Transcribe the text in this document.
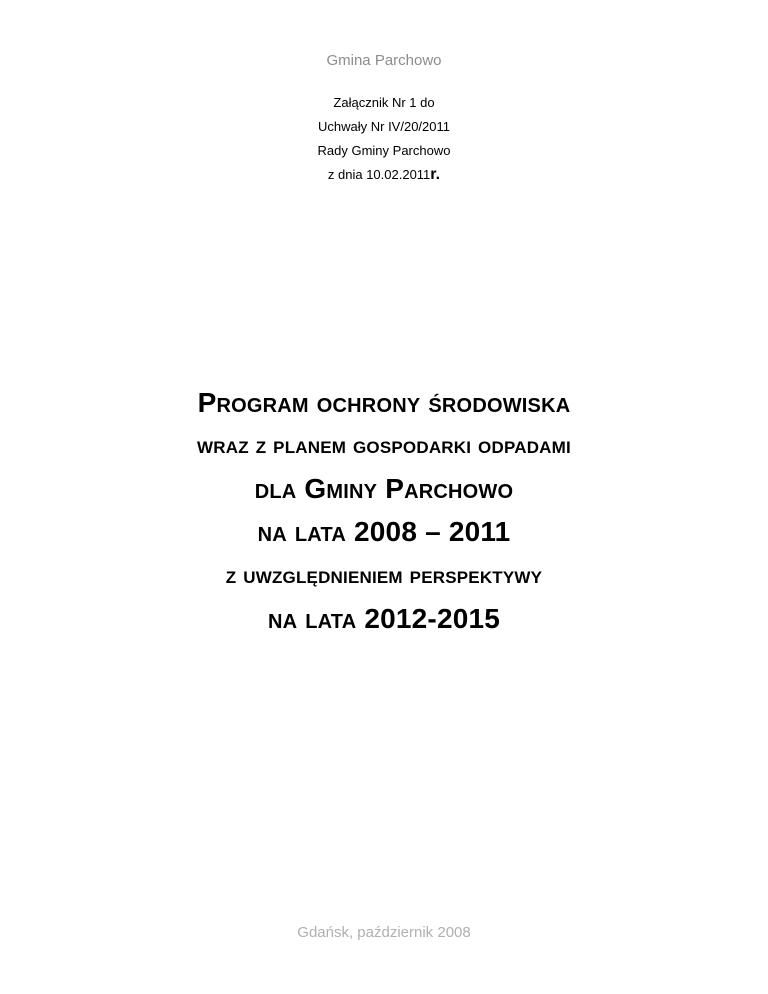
Gmina Parchowo
Załącznik Nr 1 do
Uchwały Nr IV/20/2011
Rady Gminy Parchowo
z dnia 10.02.2011r.
Program ochrony środowiska
wraz z planem gospodarki odpadami
dla Gminy Parchowo
na lata 2008 – 2011
z uwzględnieniem perspektywy
na lata 2012-2015
Gdańsk, październik 2008
